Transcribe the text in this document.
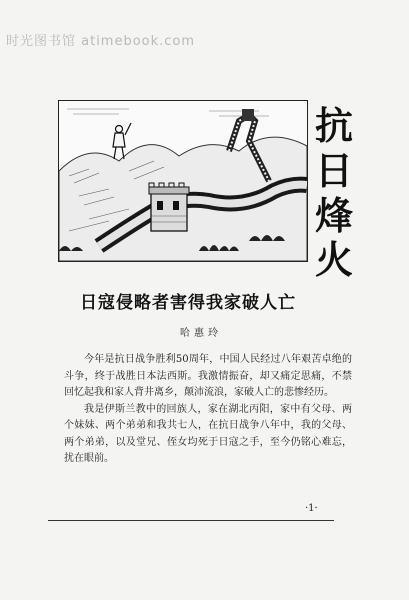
时光图书馆 atimebook.com
抗
日
烽
火
日寇侵略者害得我家破人亡
哈惠玲

今年是抗日战争胜利50周年，中国人民经过八年艰苦卓绝的斗争，终于战胜日本法西斯。我激情振奋，却又痛定思痛，不禁回忆起我和家人背井离乡，颠沛流浪，家破人亡的悲惨经历。

我是伊斯兰教中的回族人，家在湖北丙阳，家中有父母、两个妹妹、两个弟弟和我共七人，在抗日战争八年中，我的父母、两个弟弟，以及堂兄、侄女均死于日寇之手，至今仍铭心难忘，扰在眼前。

·1·
